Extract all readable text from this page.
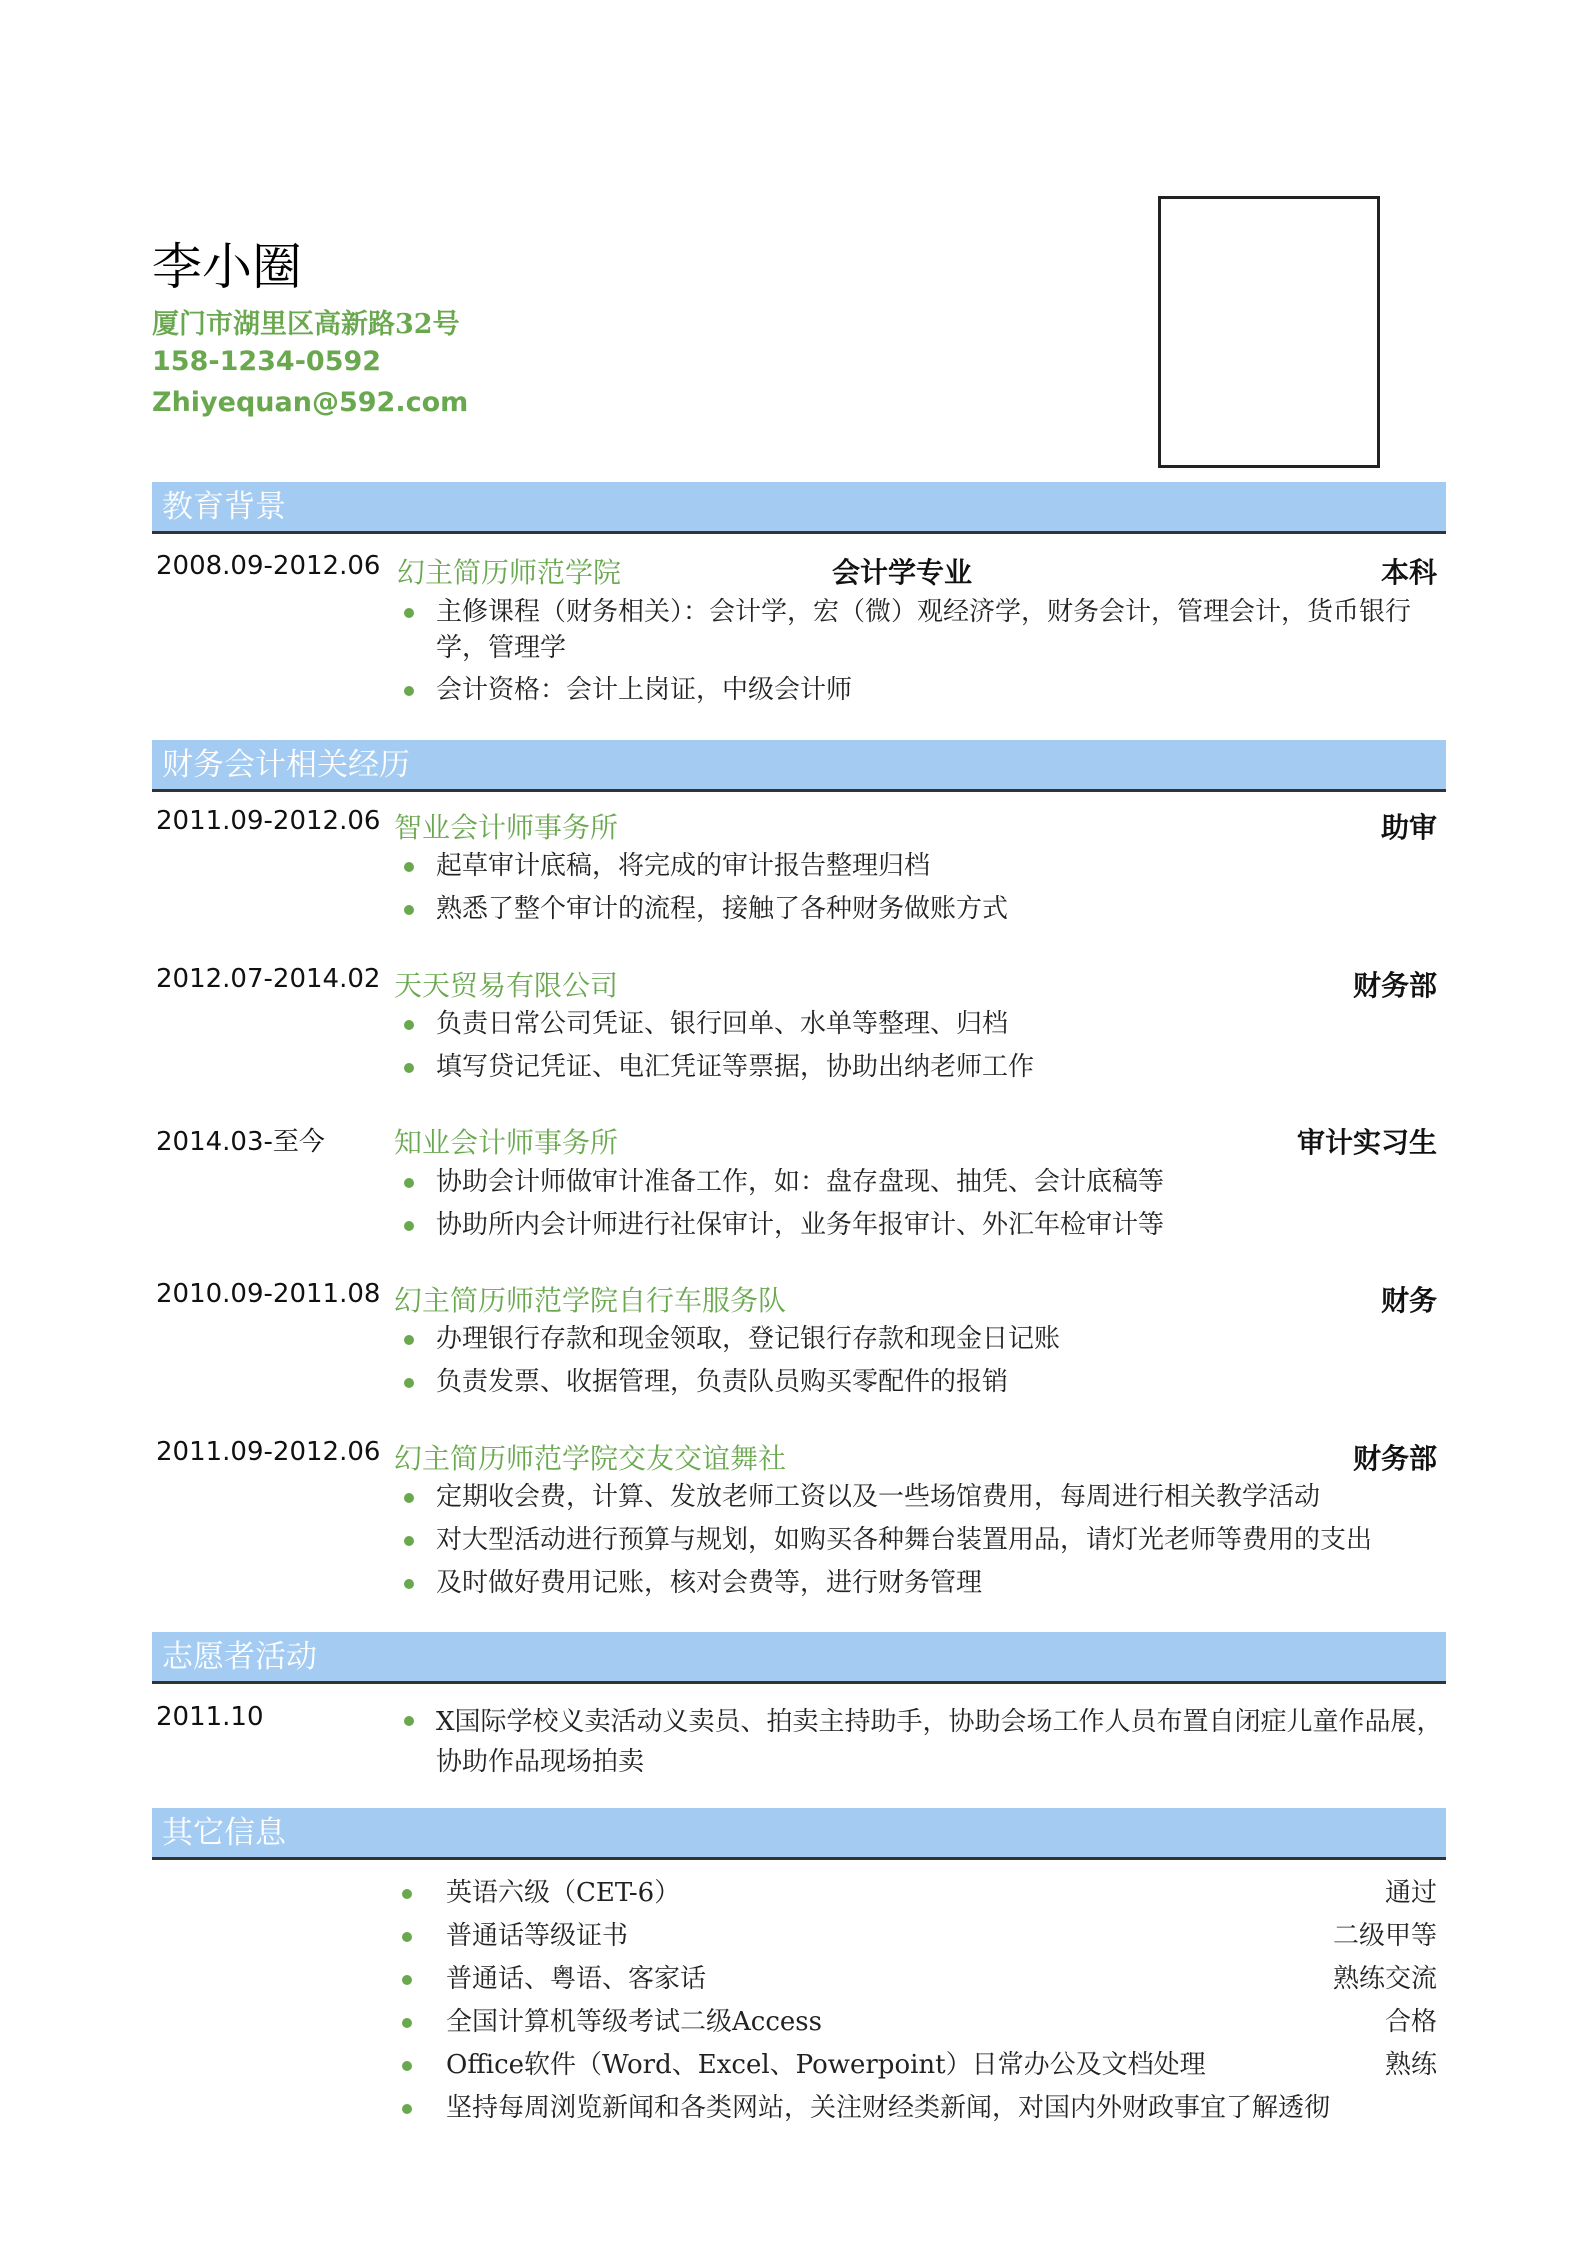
李小圈
厦门市湖里区高新路32号
158-1234-0592
Zhiyequan@592.com
教育背景
2008.09-2012.06 幻主简历师范学院	会计学专业	本科
主修课程（财务相关）：会计学，宏（微）观经济学，财务会计，管理会计，货币银行学，管理学
会计资格：会计上岗证，中级会计师
财务会计相关经历
2011.09-2012.06 智业会计师事务所	助审
起草审计底稿，将完成的审计报告整理归档
熟悉了整个审计的流程，接触了各种财务做账方式
2012.07-2014.02 天天贸易有限公司	财务部
负责日常公司凭证、银行回单、水单等整理、归档
填写贷记凭证、电汇凭证等票据，协助出纳老师工作
2014.03-至今 知业会计师事务所	审计实习生
协助会计师做审计准备工作，如：盘存盘现、抽凭、会计底稿等
协助所内会计师进行社保审计，业务年报审计、外汇年检审计等
2010.09-2011.08 幻主简历师范学院自行车服务队	财务
办理银行存款和现金领取，登记银行存款和现金日记账
负责发票、收据管理，负责队员购买零配件的报销
2011.09-2012.06 幻主简历师范学院交友交谊舞社	财务部
定期收会费，计算、发放老师工资以及一些场馆费用，每周进行相关教学活动
对大型活动进行预算与规划，如购买各种舞台装置用品，请灯光老师等费用的支出
及时做好费用记账，核对会费等，进行财务管理
志愿者活动
2011.10	X国际学校义卖活动义卖员、拍卖主持助手，协助会场工作人员布置自闭症儿童作品展，协助作品现场拍卖
其它信息
英语六级（CET-6）	通过
普通话等级证书	二级甲等
普通话、粤语、客家话	熟练交流
全国计算机等级考试二级Access	合格
Office软件（Word、Excel、Powerpoint）日常办公及文档处理	熟练
坚持每周浏览新闻和各类网站，关注财经类新闻，对国内外财政事宜了解透彻
